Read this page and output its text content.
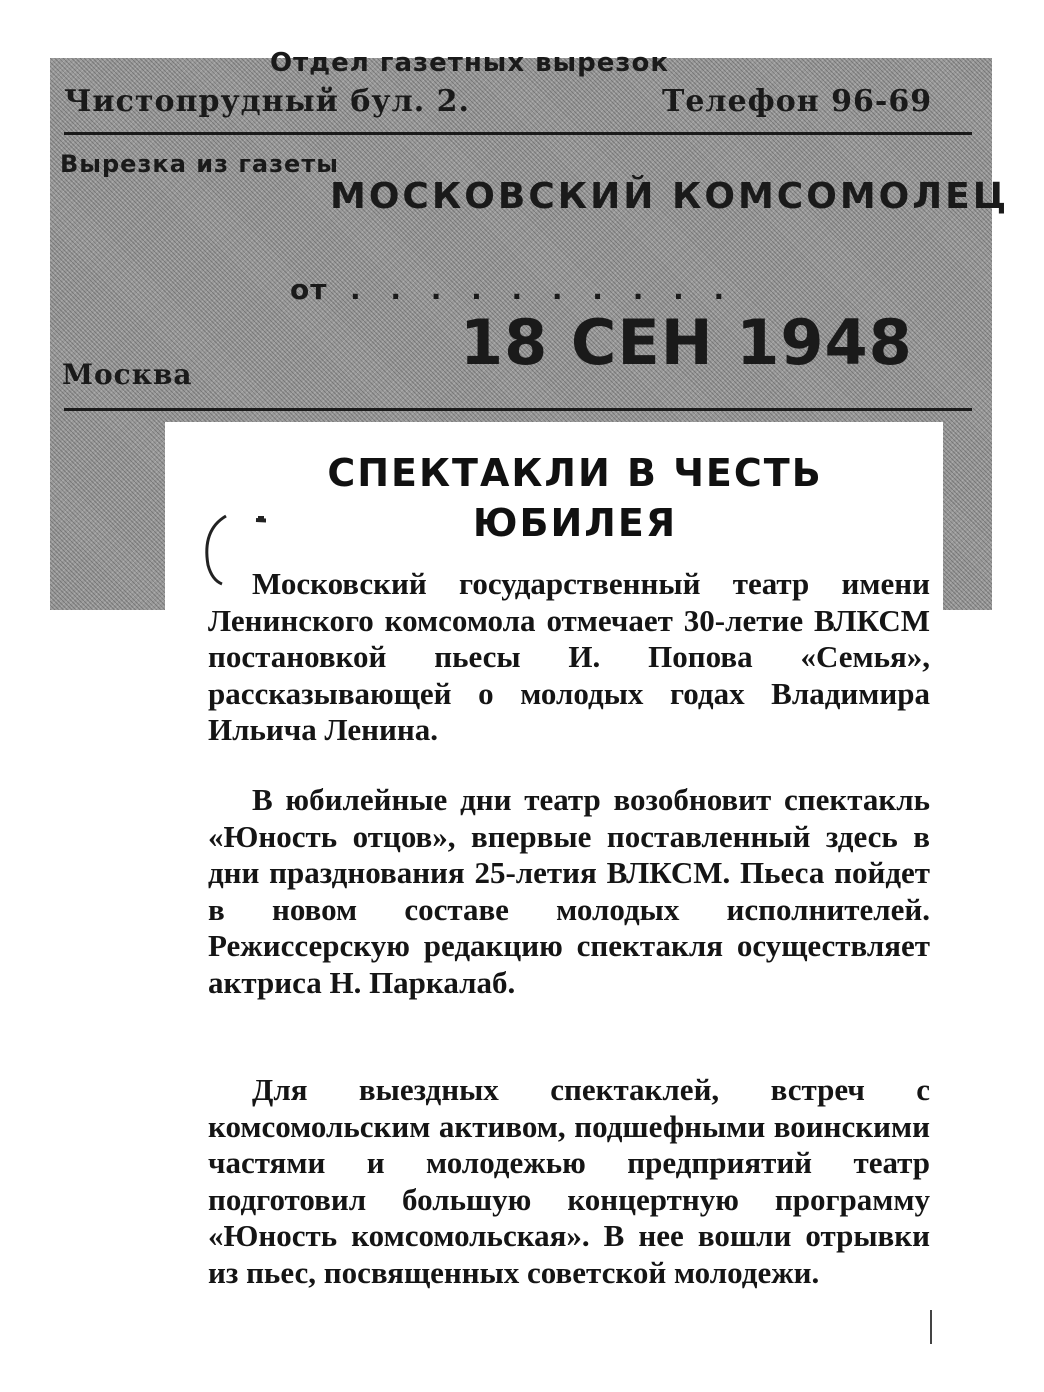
Отдел газетных вырезок
Чистопрудный бул. 2.	Телефон 96-69
Вырезка из газеты
МОСКОВСКИЙ КОМСОМОЛЕЦ
от · · · · · · · · · ·
18 СЕН 1948
Москва
СПЕКТАКЛИ В ЧЕСТЬ
ЮБИЛЕЯ
Московский государственный театр имени Ленинского комсомола отмечает 30-летие ВЛКСМ постановкой пьесы И. Попова «Семья», рассказывающей о молодых годах Владимира Ильича Ленина.
В юбилейные дни театр возобновит спектакль «Юность отцов», впервые поставленный здесь в дни празднования 25-летия ВЛКСМ. Пьеса пойдет в новом составе молодых исполнителей. Режиссерскую редакцию спектакля осуществляет актриса Н. Паркалаб.
Для выездных спектаклей, встреч с комсомольским активом, подшефными воинскими частями и молодежью предприятий театр подготовил большую концертную программу «Юность комсомольская». В нее вошли отрывки из пьес, посвященных советской молодежи.
